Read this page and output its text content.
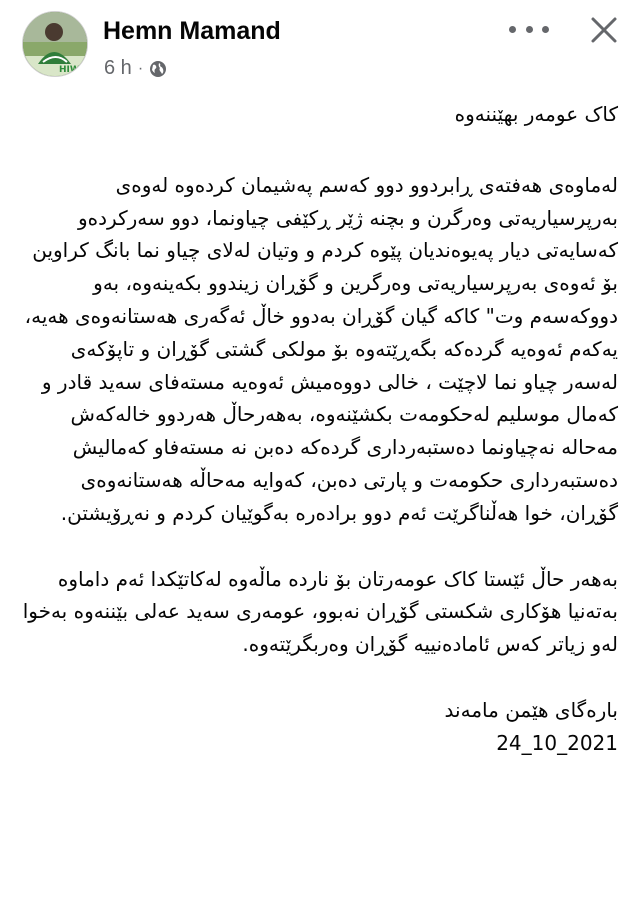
HIWA
Hemn Mamand
6 h ·

کاک عومەر بهێننەوە

لەماوەی هەفتەی ڕابردوو دوو کەسم پەشیمان کردەوە لەوەی بەرپرسیاریەتی وەرگرن و بچنە ژێر ڕکێفی چیاونما، دوو سەرکردەو کەسایەتی دیار پەیوەندیان پێوە کردم و وتیان لەلای چیاو نما بانگ کراوین بۆ ئەوەی بەرپرسیاریەتی وەرگرین و گۆڕان زیندوو بکەینەوە، بەو دووکەسەم وت" کاکە گیان گۆڕان بەدوو خاڵ ئەگەری هەستانەوەی هەیە، یەکەم ئەوەیە گردەکە بگەڕێتەوە بۆ مولکی گشتی گۆڕان و تاپۆکەی لەسەر چیاو نما لاچێت ، خالی دووەمیش ئەوەیە مستەفای سەید قادر و کەمال موسلیم لەحکومەت بکشێنەوە، بەهەرحاڵ هەردوو خالەکەش مەحالە نەچیاونما دەستبەرداری گردەکە دەبن نە مستەفاو کەمالیش دەستبەرداری حکومەت و پارتی دەبن، کەوایە مەحاڵە هەستانەوەی گۆڕان، خوا هەڵناگرێت ئەم دوو برادەرە بەگوێیان کردم و نەڕۆیشتن.

بەهەر حاڵ ئێستا کاک عومەرتان بۆ ناردە ماڵەوە لەکاتێکدا ئەم داماوە بەتەنیا هۆکاری شکستی گۆڕان نەبوو، عومەری سەید عەلی بێننەوە بەخوا لەو زیاتر کەس ئامادەنییە گۆڕان وەربگرێتەوە.

بارەگای هێمن مامەند

24_10_2021
